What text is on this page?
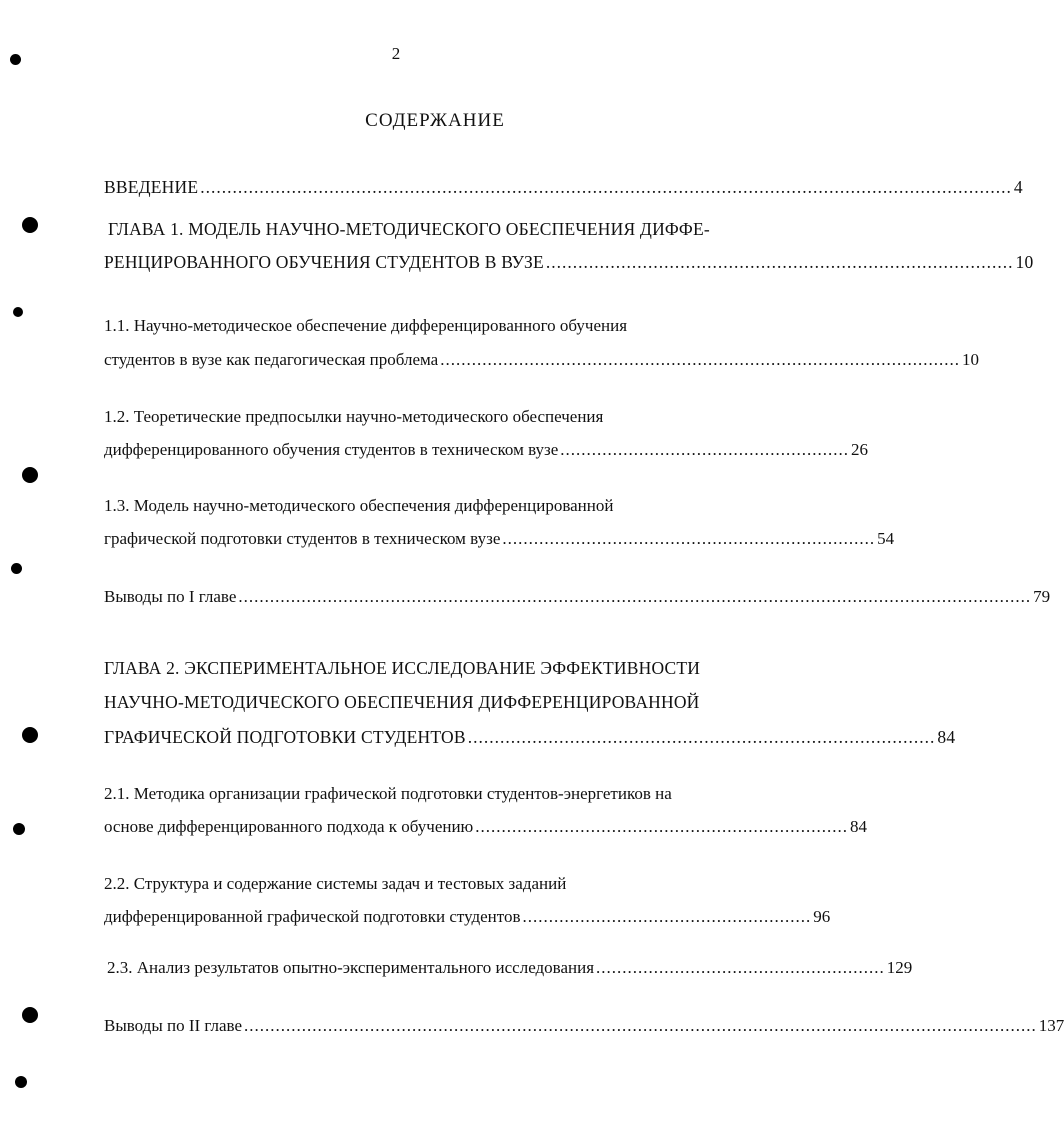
2
СОДЕРЖАНИЕ
ВВЕДЕНИЕ ....................................................................................................................................................... 4
ГЛАВА 1. МОДЕЛЬ НАУЧНО-МЕТОДИЧЕСКОГО ОБЕСПЕЧЕНИЯ ДИФФЕ-
РЕНЦИРОВАННОГО ОБУЧЕНИЯ СТУДЕНТОВ В ВУЗЕ ....................................................................................... 10
1.1. Научно-методическое обеспечение дифференцированного обучения
студентов в вузе как педагогическая проблема ................................................................................................... 10
1.2. Теоретические предпосылки научно-методического обеспечения
дифференцированного обучения студентов в техническом вузе ....................................................... 26
1.3. Модель научно-методического обеспечения дифференцированной
графической подготовки студентов в техническом вузе ....................................................................... 54
Выводы по I главе ....................................................................................................................................................... 79
ГЛАВА 2. ЭКСПЕРИМЕНТАЛЬНОЕ ИССЛЕДОВАНИЕ ЭФФЕКТИВНОСТИ
НАУЧНО-МЕТОДИЧЕСКОГО ОБЕСПЕЧЕНИЯ ДИФФЕРЕНЦИРОВАННОЙ
ГРАФИЧЕСКОЙ ПОДГОТОВКИ СТУДЕНТОВ ....................................................................................... 84
2.1. Методика организации графической подготовки студентов-энергетиков на
основе дифференцированного подхода к обучению ....................................................................... 84
2.2. Структура и содержание системы задач и тестовых заданий
дифференцированной графической подготовки студентов ....................................................... 96
2.3. Анализ результатов опытно-экспериментального исследования ....................................................... 129
Выводы по II главе ....................................................................................................................................................... 137
